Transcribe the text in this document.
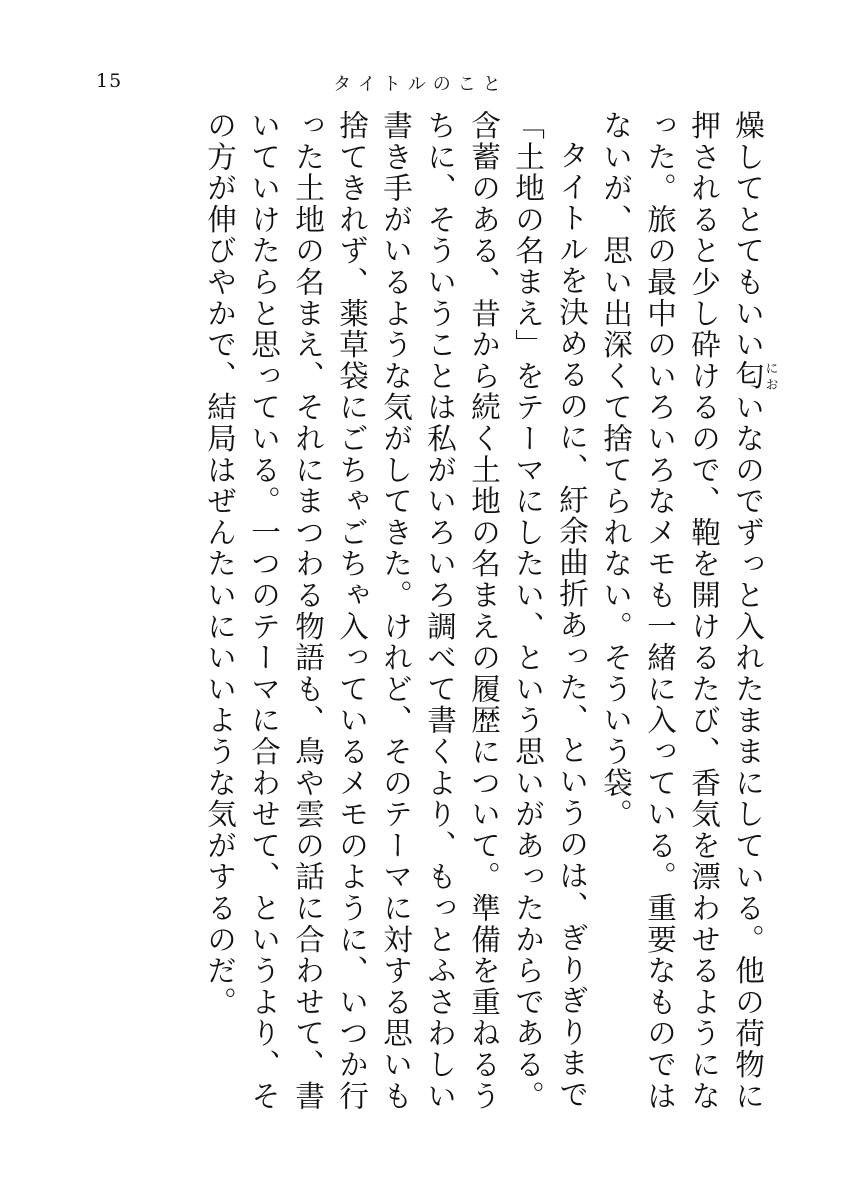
15	タイトルのこと

燥してとてもいい匂においなのでずっと入れたままにしている。他の荷物に押されると少し砕けるので、鞄を開けるたび、香気を漂わせるようになった。旅の最中のいろいろなメモも一緒に入っている。重要なものではないが、思い出深くて捨てられない。そういう袋。

タイトルを決めるのに、紆余曲折あった、というのは、ぎりぎりまで「土地の名まえ」をテーマにしたい、という思いがあったからである。含蓄のある、昔から続く土地の名まえの履歴について。準備を重ねるうちに、そういうことは私がいろいろ調べて書くより、もっとふさわしい書き手がいるような気がしてきた。けれど、そのテーマに対する思いも捨てきれず、薬草袋にごちゃごちゃ入っているメモのように、いつか行った土地の名まえ、それにまつわる物語も、鳥や雲の話に合わせて、書いていけたらと思っている。一つのテーマに合わせて、というより、その方が伸びやかで、結局はぜんたいにいいような気がするのだ。
